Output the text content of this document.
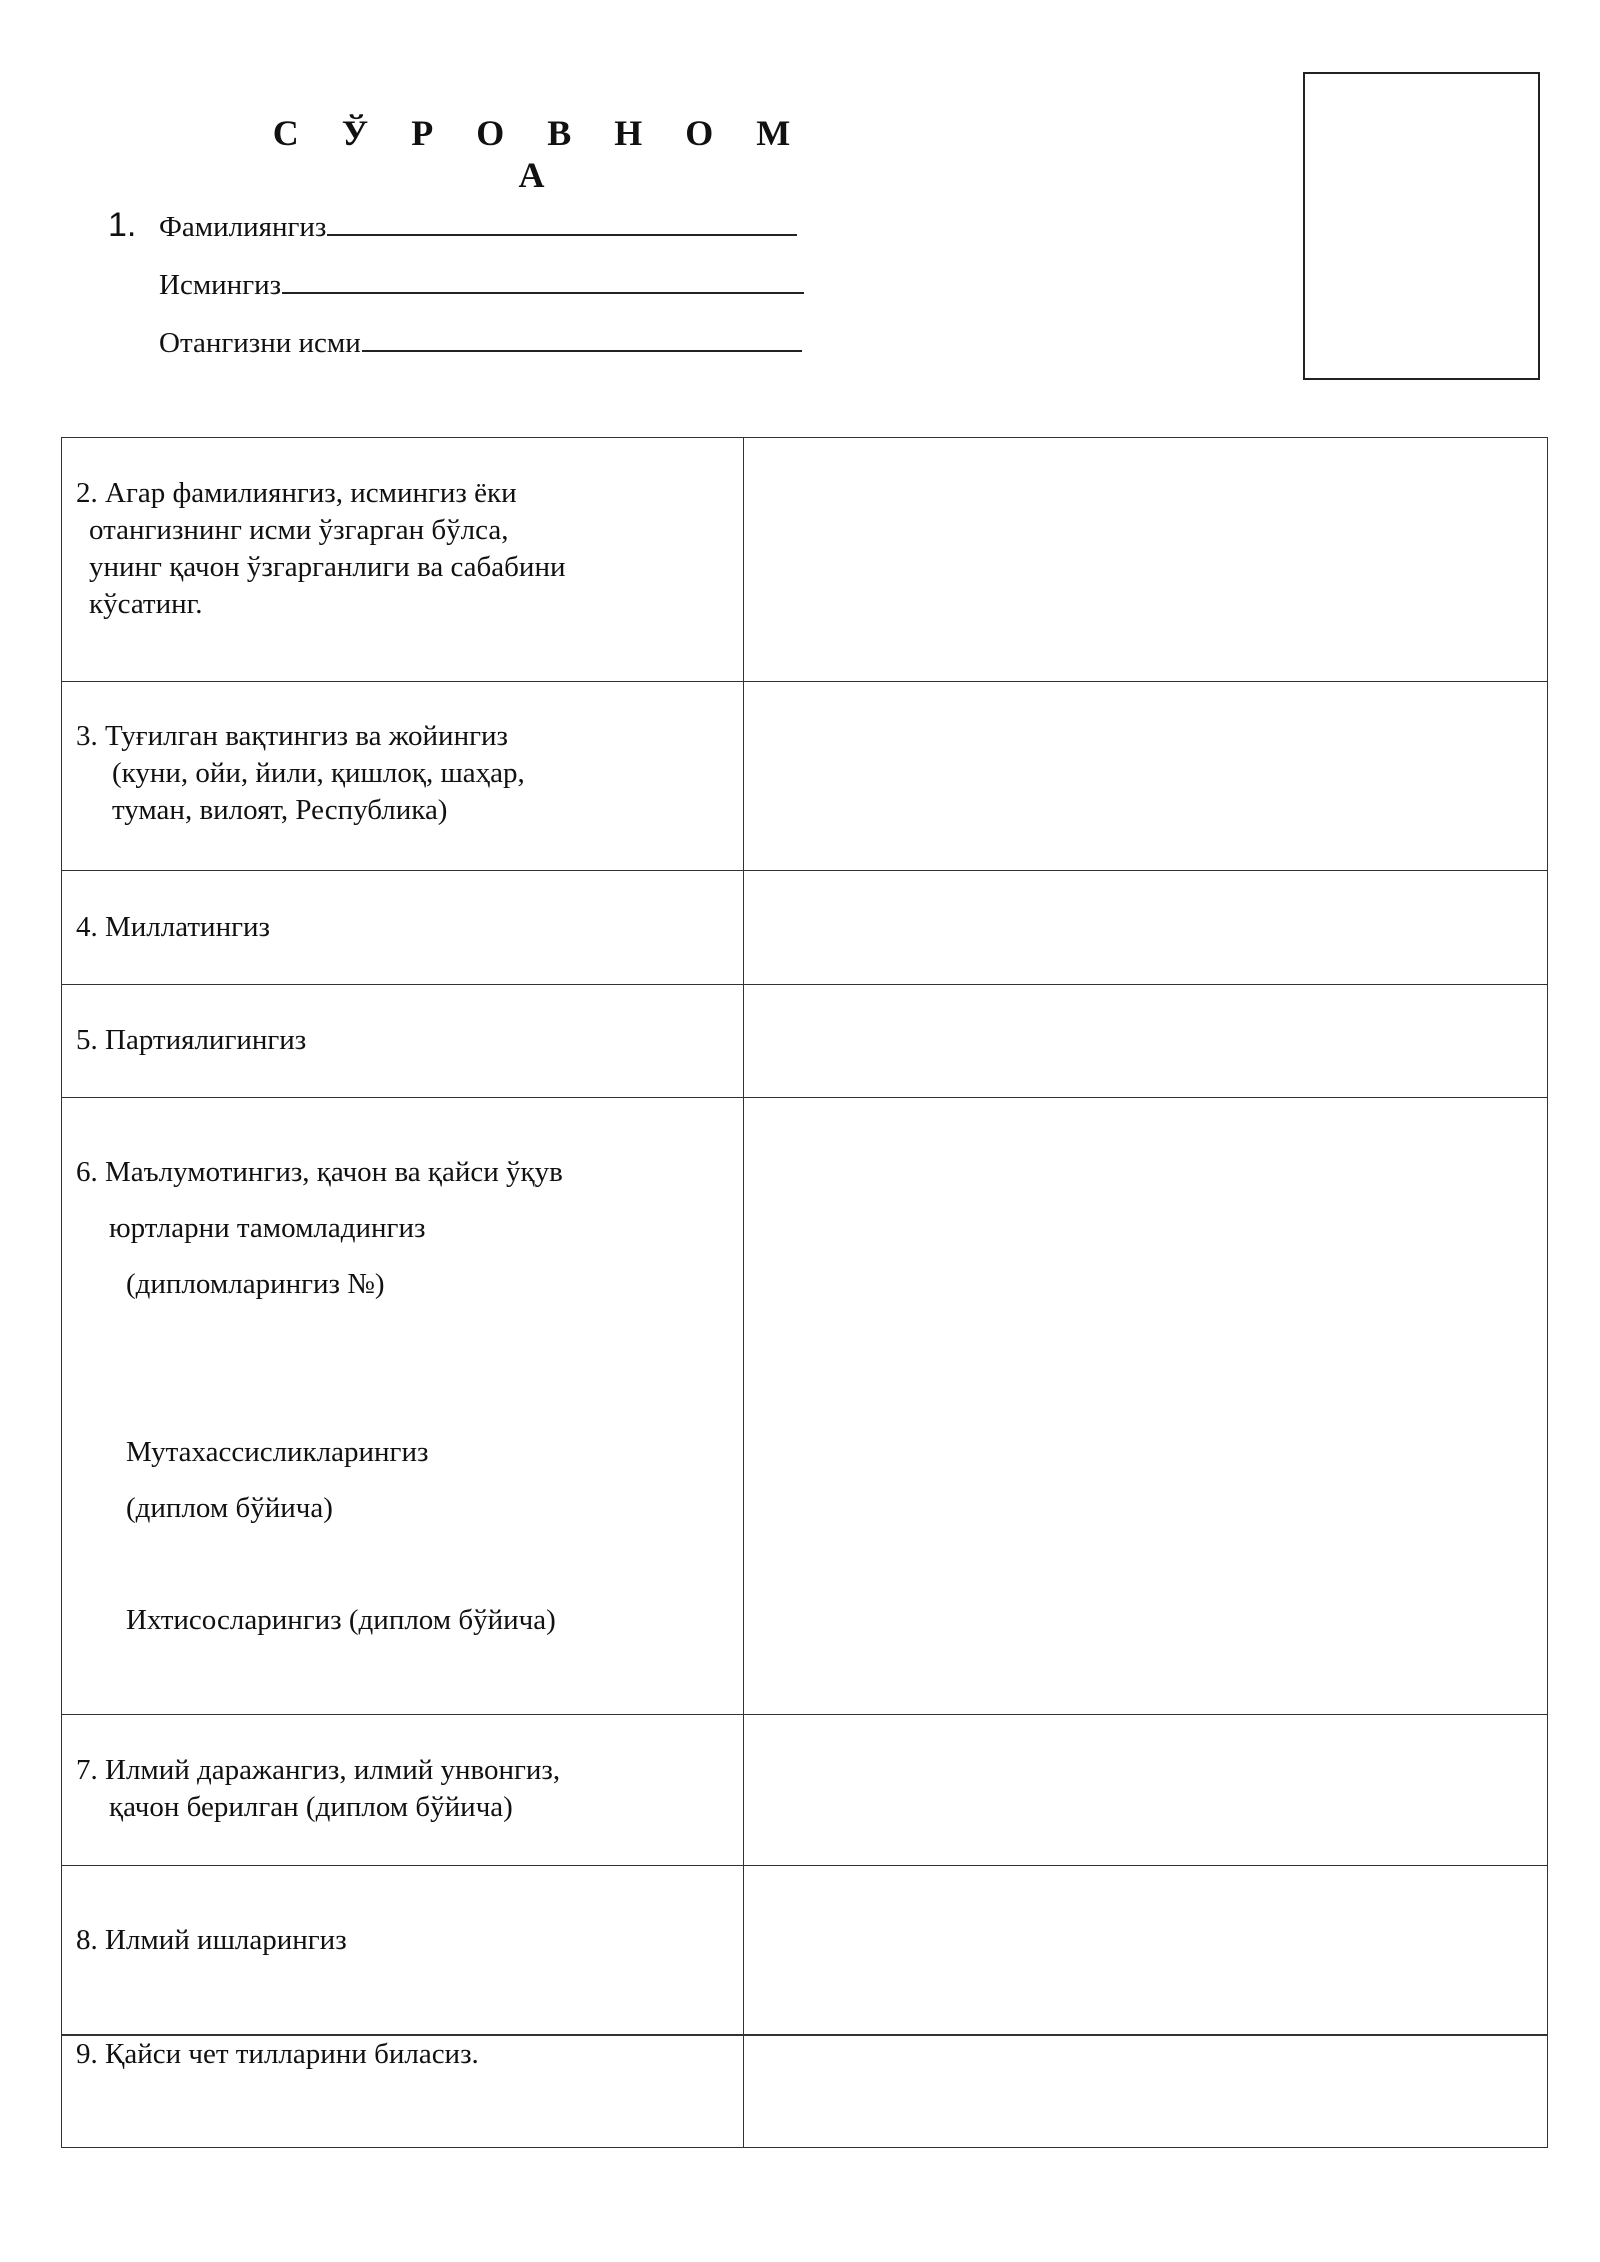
С Ў Р О В Н О М А
1. Фамилиянгиз
Исмингиз
Отангизни исми
2. Агар фамилиянгиз, исмингиз ёки
отангизнинг исми ўзгарган бўлса,
унинг қачон ўзгарганлиги ва сабабини
кўсатинг.
3. Туғилган вақтингиз ва жойингиз
(куни, ойи, йили, қишлоқ, шаҳар,
туман, вилоят, Республика)
4. Миллатингиз
5. Партиялигингиз
6. Маълумотингиз, қачон ва қайси ўқув
юртларни тамомладингиз
(дипломларингиз №)
Мутахассисликларингиз
(диплом бўйича)
Ихтисосларингиз (диплом бўйича)
7. Илмий даражангиз, илмий унвонгиз,
қачон берилган (диплом бўйича)
8. Илмий ишларингиз
9. Қайси чет тилларини биласиз.
